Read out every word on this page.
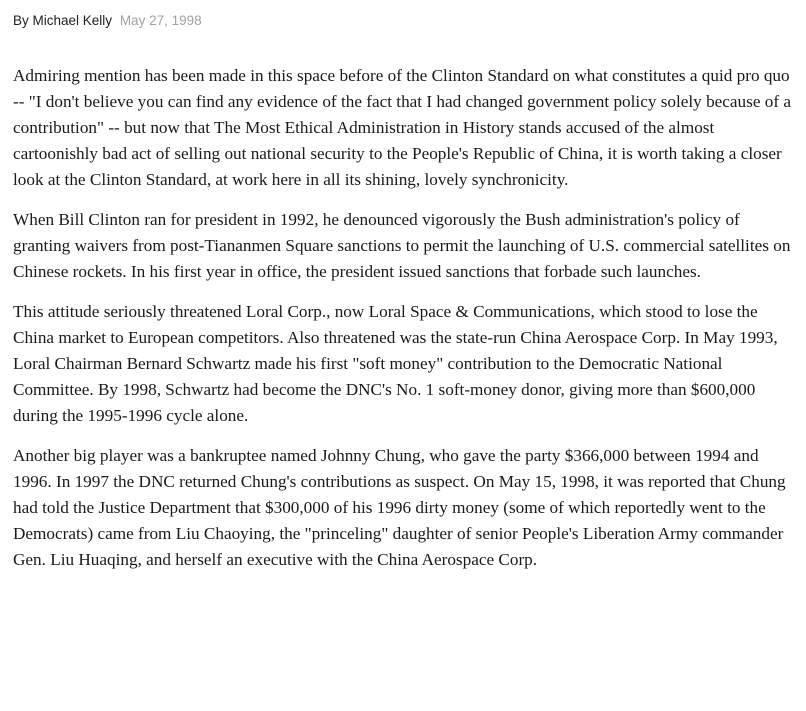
By Michael Kelly May 27, 1998

Admiring mention has been made in this space before of the Clinton Standard on what constitutes a quid pro quo -- "I don't believe you can find any evidence of the fact that I had changed government policy solely because of a contribution" -- but now that The Most Ethical Administration in History stands accused of the almost cartoonishly bad act of selling out national security to the People's Republic of China, it is worth taking a closer look at the Clinton Standard, at work here in all its shining, lovely synchronicity.

When Bill Clinton ran for president in 1992, he denounced vigorously the Bush administration's policy of granting waivers from post-Tiananmen Square sanctions to permit the launching of U.S. commercial satellites on Chinese rockets. In his first year in office, the president issued sanctions that forbade such launches.

This attitude seriously threatened Loral Corp., now Loral Space & Communications, which stood to lose the China market to European competitors. Also threatened was the state-run China Aerospace Corp. In May 1993, Loral Chairman Bernard Schwartz made his first "soft money" contribution to the Democratic National Committee. By 1998, Schwartz had become the DNC's No. 1 soft-money donor, giving more than $600,000 during the 1995-1996 cycle alone.

Another big player was a bankruptee named Johnny Chung, who gave the party $366,000 between 1994 and 1996. In 1997 the DNC returned Chung's contributions as suspect. On May 15, 1998, it was reported that Chung had told the Justice Department that $300,000 of his 1996 dirty money (some of which reportedly went to the Democrats) came from Liu Chaoying, the "princeling" daughter of senior People's Liberation Army commander Gen. Liu Huaqing, and herself an executive with the China Aerospace Corp.
